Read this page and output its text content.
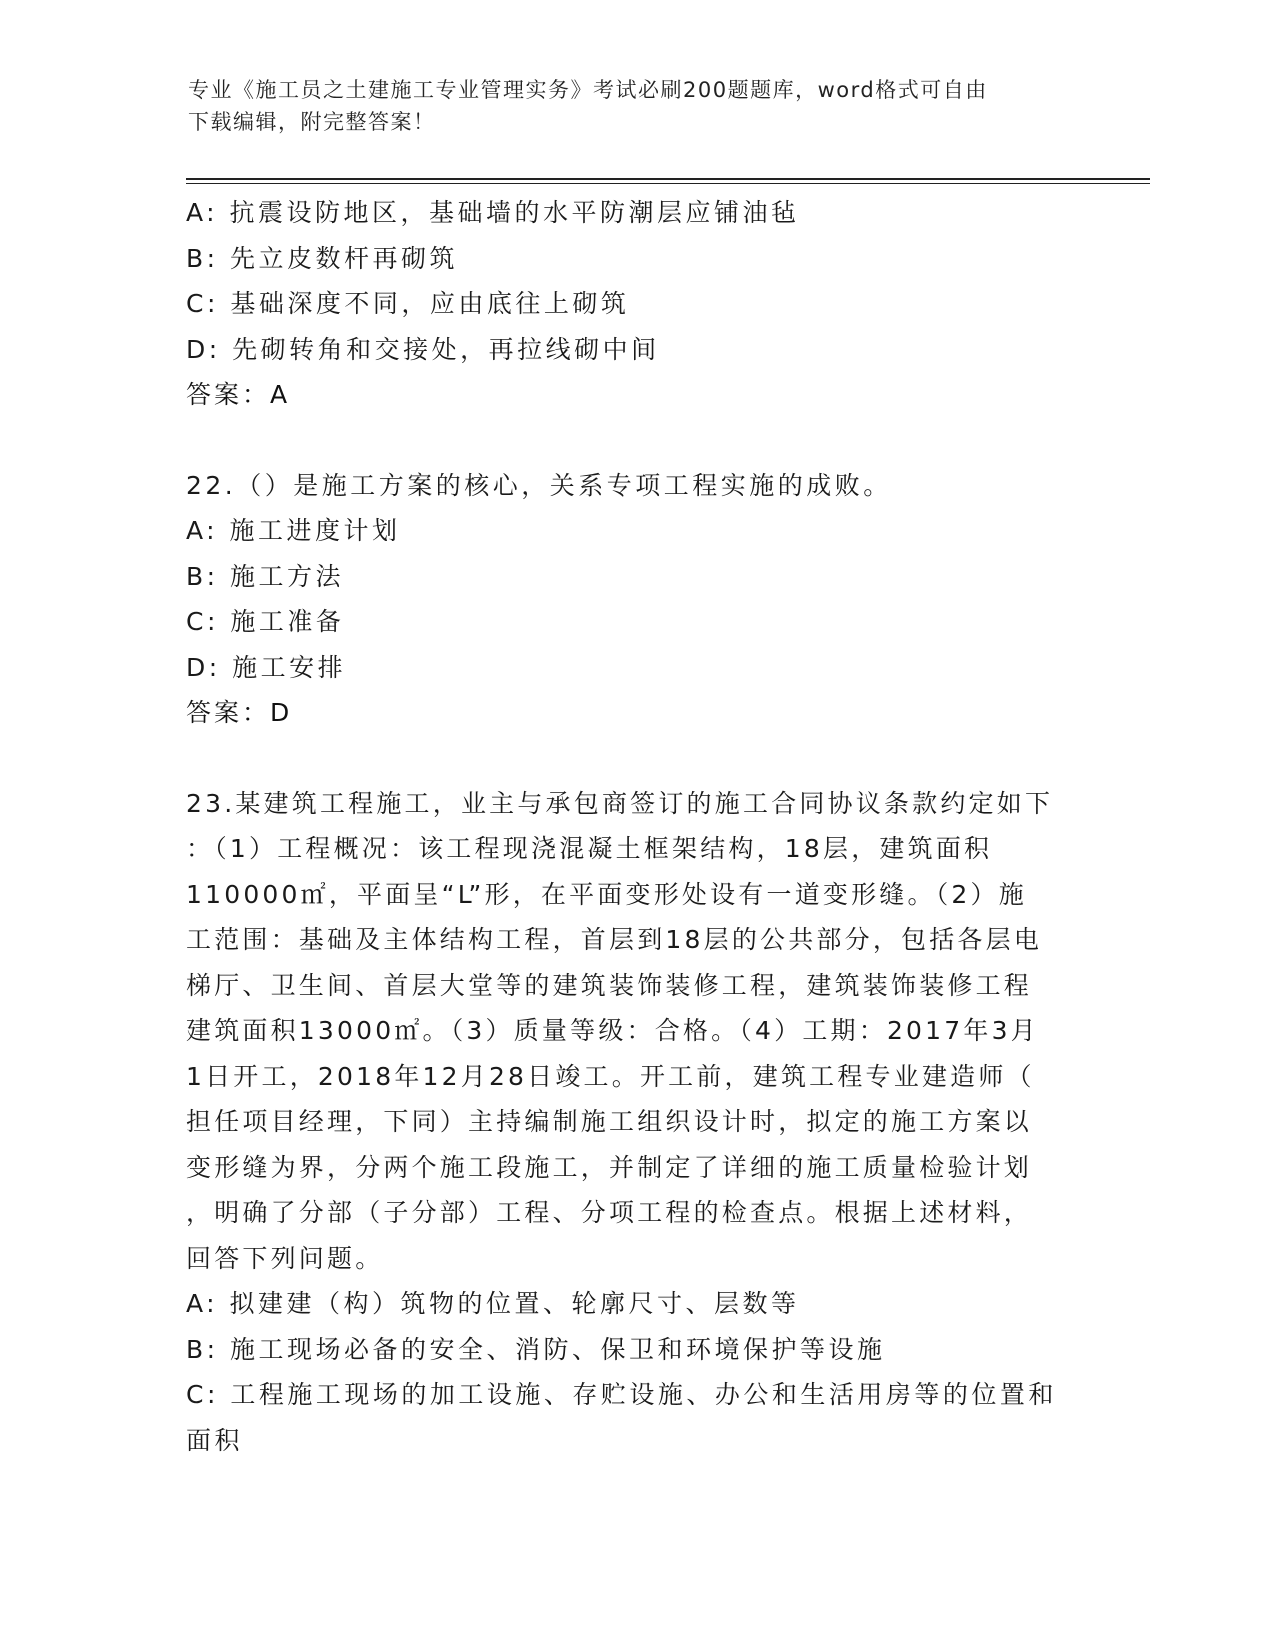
专业《施工员之土建施工专业管理实务》考试必刷200题题库，word格式可自由
下载编辑，附完整答案！
A: 抗震设防地区，基础墙的水平防潮层应铺油毡
B: 先立皮数杆再砌筑
C: 基础深度不同，应由底往上砌筑
D: 先砌转角和交接处，再拉线砌中间
答案：A
22.（）是施工方案的核心，关系专项工程实施的成败。
A: 施工进度计划
B: 施工方法
C: 施工准备
D: 施工安排
答案：D
23.某建筑工程施工，业主与承包商签订的施工合同协议条款约定如下
：（1）工程概况：该工程现浇混凝土框架结构，18层，建筑面积
110000㎡，平面呈“L”形，在平面变形处设有一道变形缝。（2）施
工范围：基础及主体结构工程，首层到18层的公共部分，包括各层电
梯厅、卫生间、首层大堂等的建筑装饰装修工程，建筑装饰装修工程
建筑面积13000㎡。（3）质量等级：合格。（4）工期：2017年3月
1日开工，2018年12月28日竣工。开工前，建筑工程专业建造师（
担任项目经理，下同）主持编制施工组织设计时，拟定的施工方案以
变形缝为界，分两个施工段施工，并制定了详细的施工质量检验计划
，明确了分部（子分部）工程、分项工程的检查点。根据上述材料，
回答下列问题。
A: 拟建建（构）筑物的位置、轮廓尺寸、层数等
B: 施工现场必备的安全、消防、保卫和环境保护等设施
C: 工程施工现场的加工设施、存贮设施、办公和生活用房等的位置和
面积
